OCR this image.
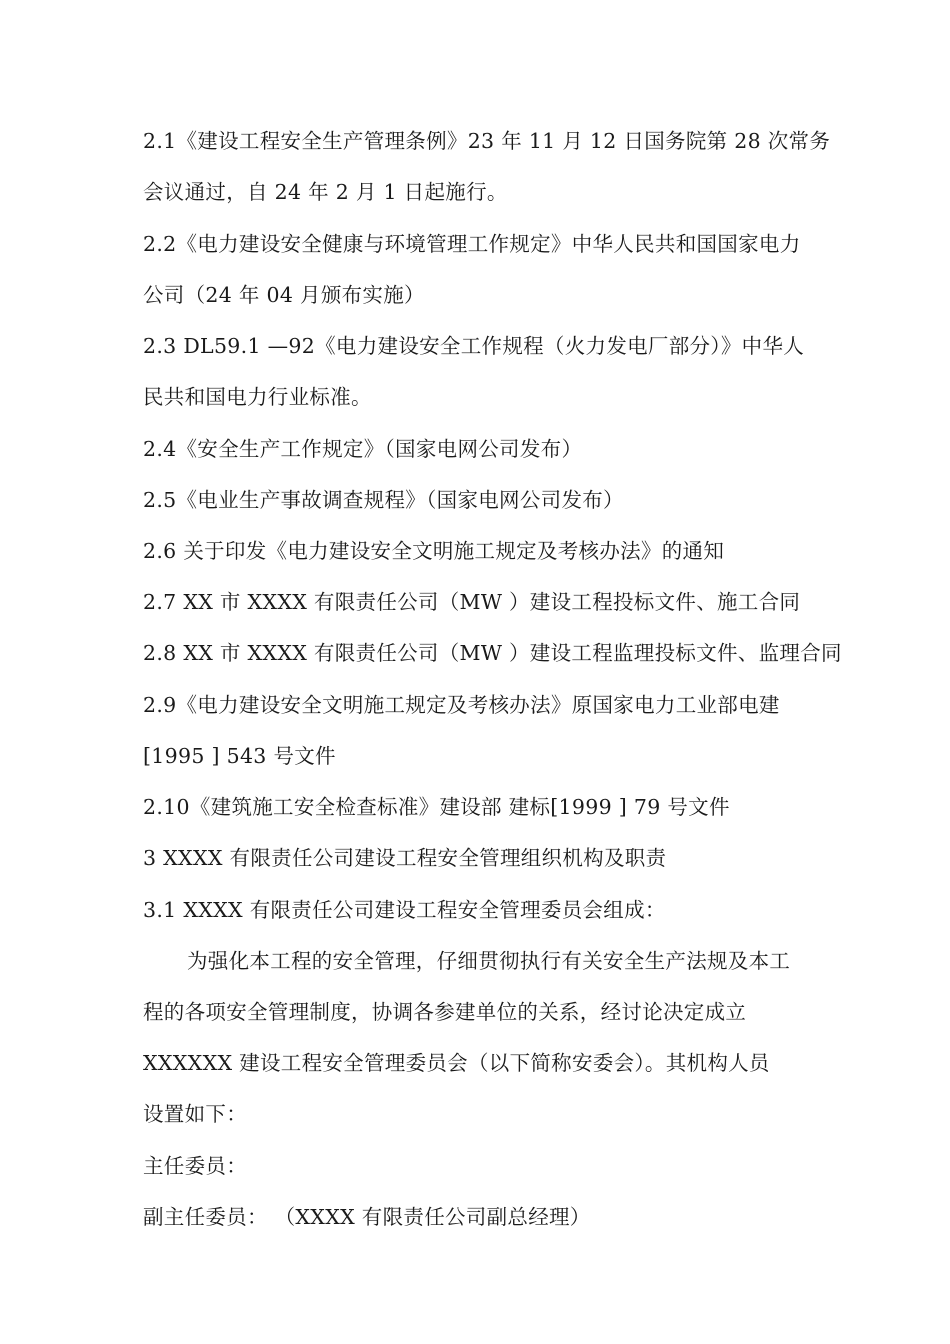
2.1《建设工程安全生产管理条例》23 年 11 月 12 日国务院第 28 次常务
会议通过，自 24 年 2 月 1 日起施行。
2.2《电力建设安全健康与环境管理工作规定》中华人民共和国国家电力
公司（24 年 04 月颁布实施）
2.3 DL59.1 —92《电力建设安全工作规程（火力发电厂部分）》中华人
民共和国电力行业标准。
2.4《安全生产工作规定》（国家电网公司发布）
2.5《电业生产事故调查规程》（国家电网公司发布）
2.6 关于印发《电力建设安全文明施工规定及考核办法》的通知
2.7 XX 市 XXXX 有限责任公司（MW ）建设工程投标文件、施工合同
2.8 XX 市 XXXX 有限责任公司（MW ）建设工程监理投标文件、监理合同
2.9《电力建设安全文明施工规定及考核办法》原国家电力工业部电建
[1995 ] 543 号文件
2.10《建筑施工安全检查标准》建设部 建标[1999 ] 79 号文件
3 XXXX 有限责任公司建设工程安全管理组织机构及职责
3.1 XXXX 有限责任公司建设工程安全管理委员会组成：
为强化本工程的安全管理，仔细贯彻执行有关安全生产法规及本工
程的各项安全管理制度，协调各参建单位的关系，经讨论决定成立
XXXXXX 建设工程安全管理委员会（以下简称安委会）。其机构人员
设置如下：
主任委员：
副主任委员： （XXXX 有限责任公司副总经理）
